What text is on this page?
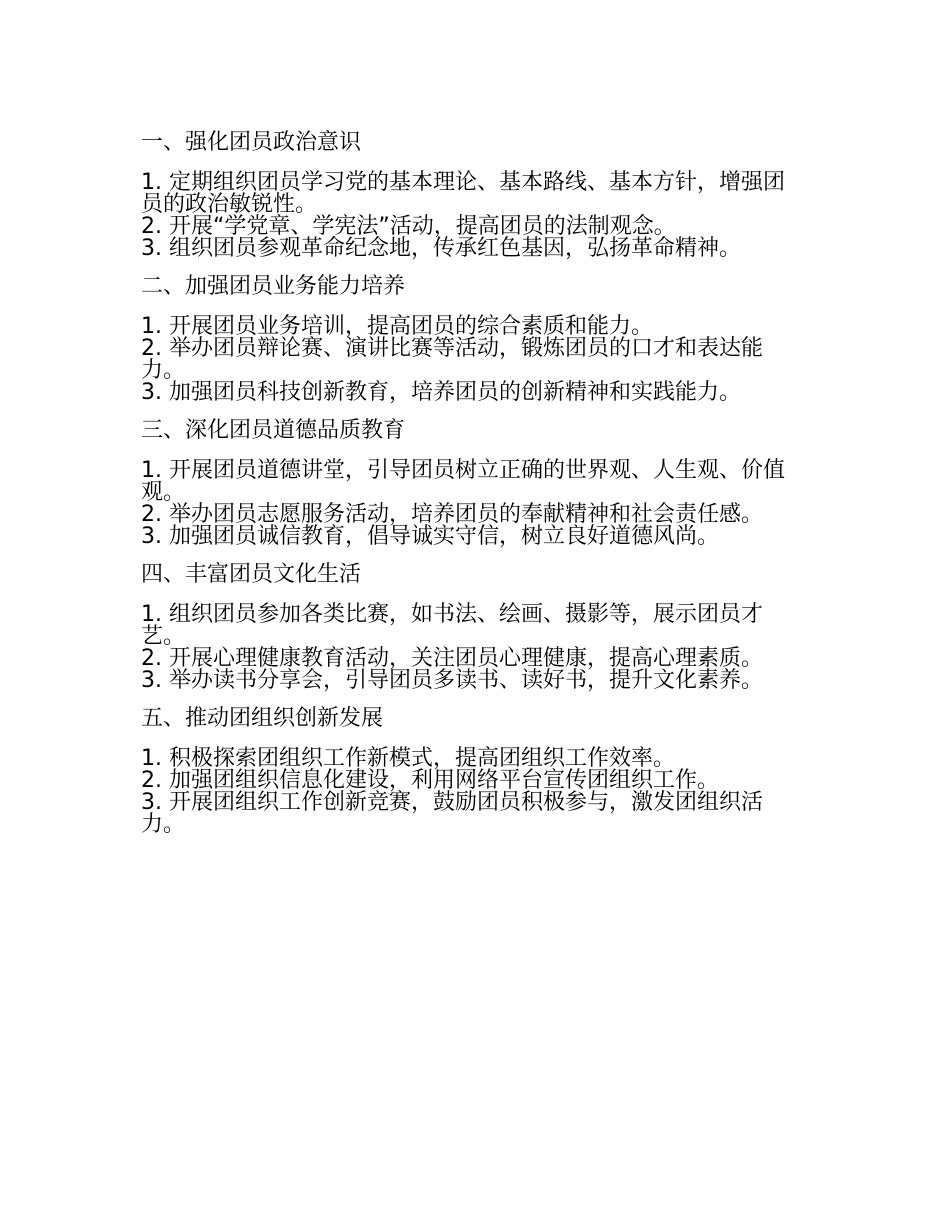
一、强化团员政治意识
1. 定期组织团员学习党的基本理论、基本路线、基本方针，增强团员的政治敏锐性。
2. 开展“学党章、学宪法”活动，提高团员的法制观念。
3. 组织团员参观革命纪念地，传承红色基因，弘扬革命精神。
二、加强团员业务能力培养
1. 开展团员业务培训，提高团员的综合素质和能力。
2. 举办团员辩论赛、演讲比赛等活动，锻炼团员的口才和表达能力。
3. 加强团员科技创新教育，培养团员的创新精神和实践能力。
三、深化团员道德品质教育
1. 开展团员道德讲堂，引导团员树立正确的世界观、人生观、价值观。
2. 举办团员志愿服务活动，培养团员的奉献精神和社会责任感。
3. 加强团员诚信教育，倡导诚实守信，树立良好道德风尚。
四、丰富团员文化生活
1. 组织团员参加各类比赛，如书法、绘画、摄影等，展示团员才艺。
2. 开展心理健康教育活动，关注团员心理健康，提高心理素质。
3. 举办读书分享会，引导团员多读书、读好书，提升文化素养。
五、推动团组织创新发展
1. 积极探索团组织工作新模式，提高团组织工作效率。
2. 加强团组织信息化建设，利用网络平台宣传团组织工作。
3. 开展团组织工作创新竞赛，鼓励团员积极参与，激发团组织活力。
